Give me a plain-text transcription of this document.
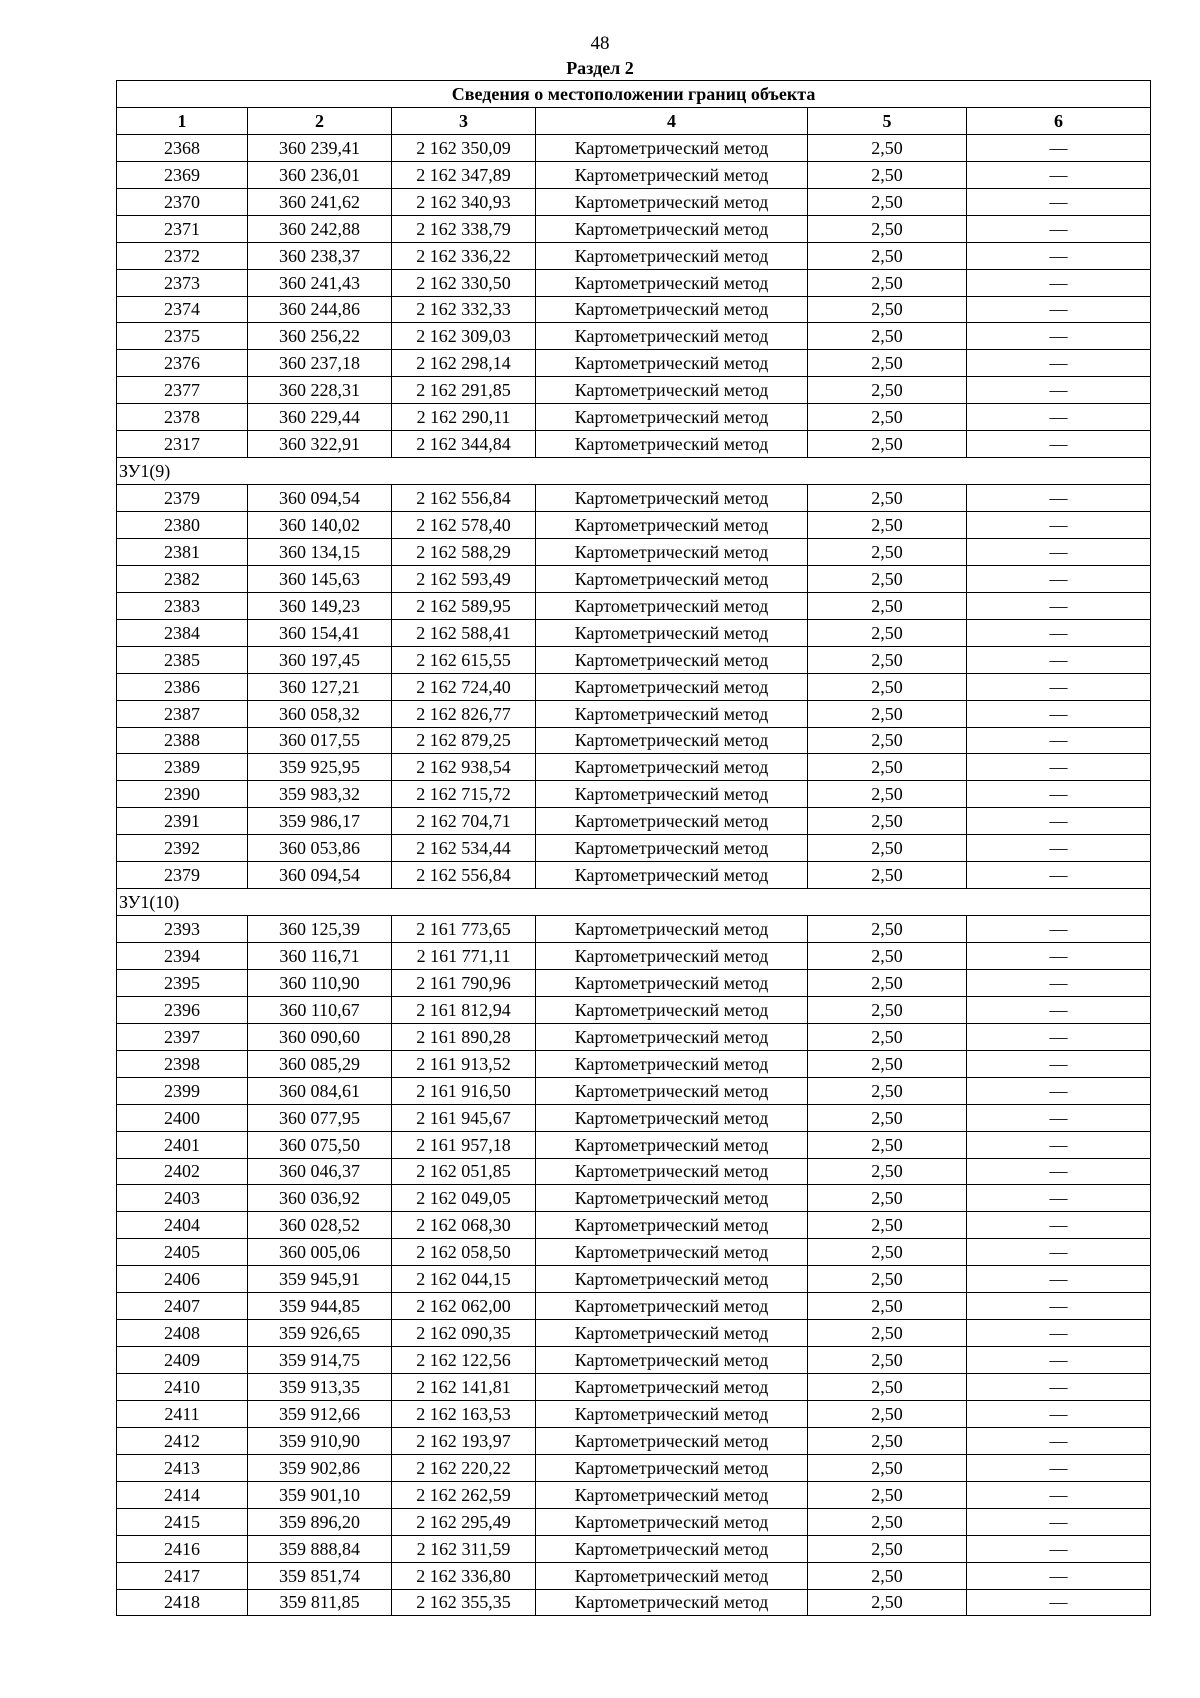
48
Раздел 2
Сведения о местоположении границ объекта					
1	2	3	4	5	6
2368	360 239,41	2 162 350,09	Картометрический метод	2,50	—
2369	360 236,01	2 162 347,89	Картометрический метод	2,50	—
2370	360 241,62	2 162 340,93	Картометрический метод	2,50	—
2371	360 242,88	2 162 338,79	Картометрический метод	2,50	—
2372	360 238,37	2 162 336,22	Картометрический метод	2,50	—
2373	360 241,43	2 162 330,50	Картометрический метод	2,50	—
2374	360 244,86	2 162 332,33	Картометрический метод	2,50	—
2375	360 256,22	2 162 309,03	Картометрический метод	2,50	—
2376	360 237,18	2 162 298,14	Картометрический метод	2,50	—
2377	360 228,31	2 162 291,85	Картометрический метод	2,50	—
2378	360 229,44	2 162 290,11	Картометрический метод	2,50	—
2317	360 322,91	2 162 344,84	Картометрический метод	2,50	—
ЗУ1(9)					
2379	360 094,54	2 162 556,84	Картометрический метод	2,50	—
2380	360 140,02	2 162 578,40	Картометрический метод	2,50	—
2381	360 134,15	2 162 588,29	Картометрический метод	2,50	—
2382	360 145,63	2 162 593,49	Картометрический метод	2,50	—
2383	360 149,23	2 162 589,95	Картометрический метод	2,50	—
2384	360 154,41	2 162 588,41	Картометрический метод	2,50	—
2385	360 197,45	2 162 615,55	Картометрический метод	2,50	—
2386	360 127,21	2 162 724,40	Картометрический метод	2,50	—
2387	360 058,32	2 162 826,77	Картометрический метод	2,50	—
2388	360 017,55	2 162 879,25	Картометрический метод	2,50	—
2389	359 925,95	2 162 938,54	Картометрический метод	2,50	—
2390	359 983,32	2 162 715,72	Картометрический метод	2,50	—
2391	359 986,17	2 162 704,71	Картометрический метод	2,50	—
2392	360 053,86	2 162 534,44	Картометрический метод	2,50	—
2379	360 094,54	2 162 556,84	Картометрический метод	2,50	—
ЗУ1(10)					
2393	360 125,39	2 161 773,65	Картометрический метод	2,50	—
2394	360 116,71	2 161 771,11	Картометрический метод	2,50	—
2395	360 110,90	2 161 790,96	Картометрический метод	2,50	—
2396	360 110,67	2 161 812,94	Картометрический метод	2,50	—
2397	360 090,60	2 161 890,28	Картометрический метод	2,50	—
2398	360 085,29	2 161 913,52	Картометрический метод	2,50	—
2399	360 084,61	2 161 916,50	Картометрический метод	2,50	—
2400	360 077,95	2 161 945,67	Картометрический метод	2,50	—
2401	360 075,50	2 161 957,18	Картометрический метод	2,50	—
2402	360 046,37	2 162 051,85	Картометрический метод	2,50	—
2403	360 036,92	2 162 049,05	Картометрический метод	2,50	—
2404	360 028,52	2 162 068,30	Картометрический метод	2,50	—
2405	360 005,06	2 162 058,50	Картометрический метод	2,50	—
2406	359 945,91	2 162 044,15	Картометрический метод	2,50	—
2407	359 944,85	2 162 062,00	Картометрический метод	2,50	—
2408	359 926,65	2 162 090,35	Картометрический метод	2,50	—
2409	359 914,75	2 162 122,56	Картометрический метод	2,50	—
2410	359 913,35	2 162 141,81	Картометрический метод	2,50	—
2411	359 912,66	2 162 163,53	Картометрический метод	2,50	—
2412	359 910,90	2 162 193,97	Картометрический метод	2,50	—
2413	359 902,86	2 162 220,22	Картометрический метод	2,50	—
2414	359 901,10	2 162 262,59	Картометрический метод	2,50	—
2415	359 896,20	2 162 295,49	Картометрический метод	2,50	—
2416	359 888,84	2 162 311,59	Картометрический метод	2,50	—
2417	359 851,74	2 162 336,80	Картометрический метод	2,50	—
2418	359 811,85	2 162 355,35	Картометрический метод	2,50	—
